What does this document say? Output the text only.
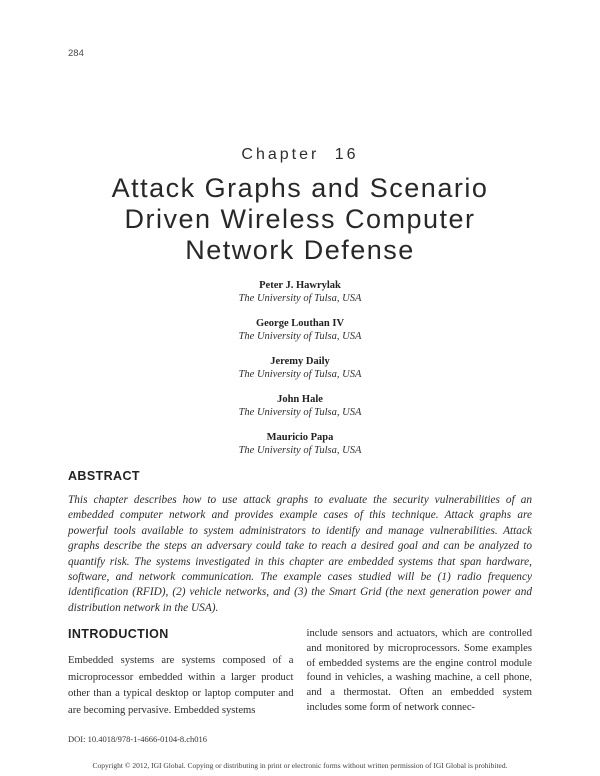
284
Chapter 16
Attack Graphs and Scenario
Driven Wireless Computer
Network Defense
Peter J. Hawrylak
The University of Tulsa, USA
George Louthan IV
The University of Tulsa, USA
Jeremy Daily
The University of Tulsa, USA
John Hale
The University of Tulsa, USA
Mauricio Papa
The University of Tulsa, USA
ABSTRACT
This chapter describes how to use attack graphs to evaluate the security vulnerabilities of an embedded computer network and provides example cases of this technique. Attack graphs are powerful tools available to system administrators to identify and manage vulnerabilities. Attack graphs describe the steps an adversary could take to reach a desired goal and can be analyzed to quantify risk. The systems investigated in this chapter are embedded systems that span hardware, software, and network communication. The example cases studied will be (1) radio frequency identification (RFID), (2) vehicle networks, and (3) the Smart Grid (the next generation power and distribution network in the USA).
INTRODUCTION
Embedded systems are systems composed of a microprocessor embedded within a larger product other than a typical desktop or laptop computer and are becoming pervasive. Embedded systems
include sensors and actuators, which are controlled and monitored by microprocessors. Some examples of embedded systems are the engine control module found in vehicles, a washing machine, a cell phone, and a thermostat. Often an embedded system includes some form of network connec-
DOI: 10.4018/978-1-4666-0104-8.ch016
Copyright © 2012, IGI Global. Copying or distributing in print or electronic forms without written permission of IGI Global is prohibited.
